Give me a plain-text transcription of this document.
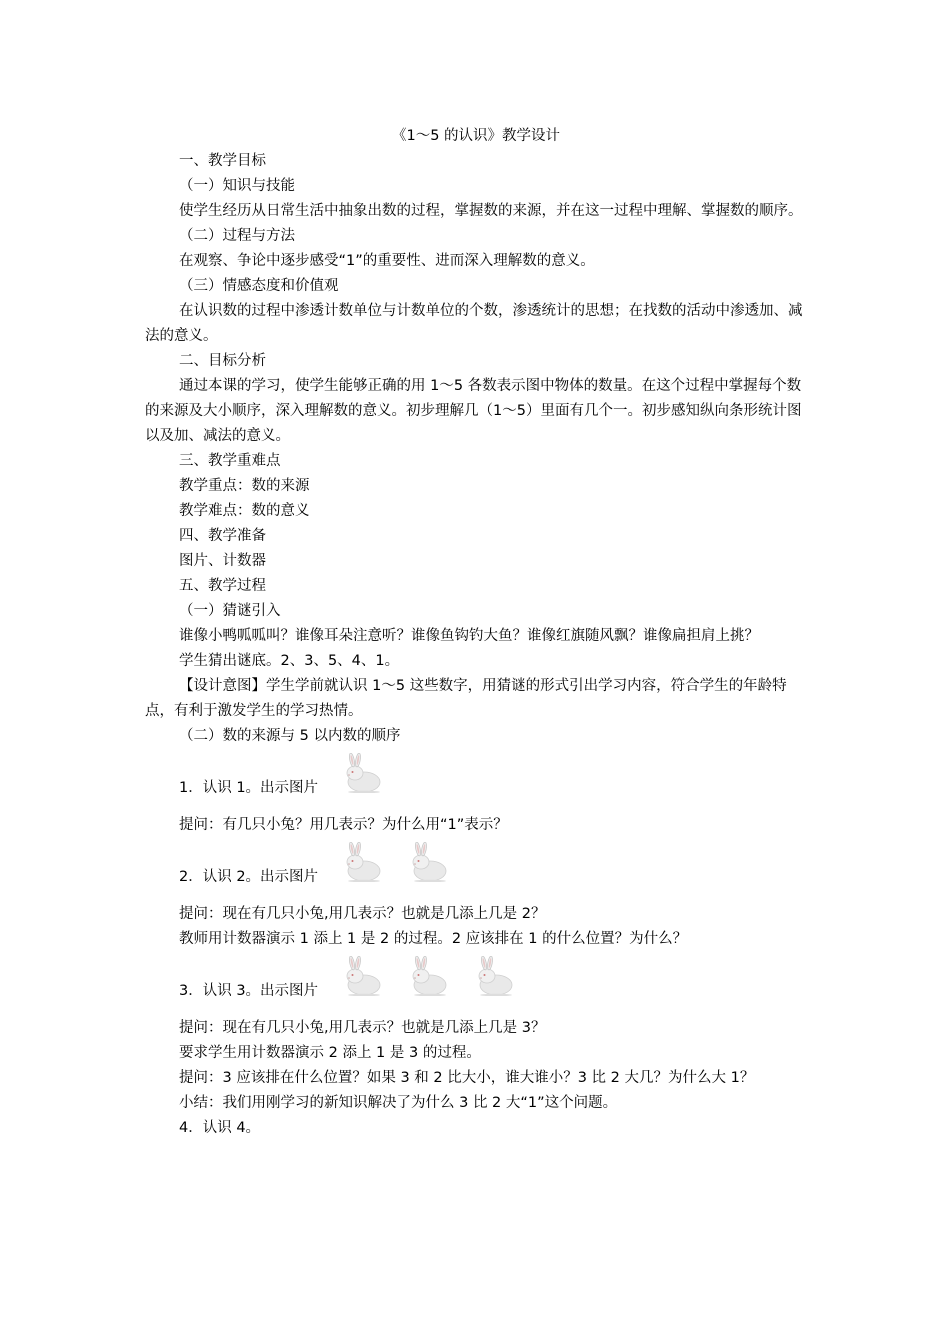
《1～5 的认识》教学设计
一、教学目标
（一）知识与技能
使学生经历从日常生活中抽象出数的过程，掌握数的来源，并在这一过程中理解、掌握数的顺序。
（二）过程与方法
在观察、争论中逐步感受“1”的重要性、进而深入理解数的意义。
（三）情感态度和价值观
在认识数的过程中渗透计数单位与计数单位的个数，渗透统计的思想；在找数的活动中渗透加、减法的意义。
二、目标分析
通过本课的学习，使学生能够正确的用 1～5 各数表示图中物体的数量。在这个过程中掌握每个数的来源及大小顺序，深入理解数的意义。初步理解几（1～5）里面有几个一。初步感知纵向条形统计图以及加、减法的意义。
三、教学重难点
教学重点：数的来源
教学难点：数的意义
四、教学准备
图片、计数器
五、教学过程
（一）猜谜引入
谁像小鸭呱呱叫？谁像耳朵注意听？谁像鱼钩钓大鱼？谁像红旗随风飘？谁像扁担肩上挑？
学生猜出谜底。2、3、5、4、1。
【设计意图】学生学前就认识 1～5 这些数字，用猜谜的形式引出学习内容，符合学生的年龄特点，有利于激发学生的学习热情。
（二）数的来源与 5 以内数的顺序
1．认识 1。出示图片
提问：有几只小兔？用几表示？为什么用“1”表示？
2．认识 2。出示图片
提问：现在有几只小兔,用几表示？也就是几添上几是 2？
教师用计数器演示 1 添上 1 是 2 的过程。2 应该排在 1 的什么位置？为什么？
3．认识 3。出示图片
提问：现在有几只小兔,用几表示？也就是几添上几是 3？
要求学生用计数器演示 2 添上 1 是 3 的过程。
提问：3 应该排在什么位置？如果 3 和 2 比大小，谁大谁小？3 比 2 大几？为什么大 1？
小结：我们用刚学习的新知识解决了为什么 3 比 2 大“1”这个问题。
4．认识 4。
